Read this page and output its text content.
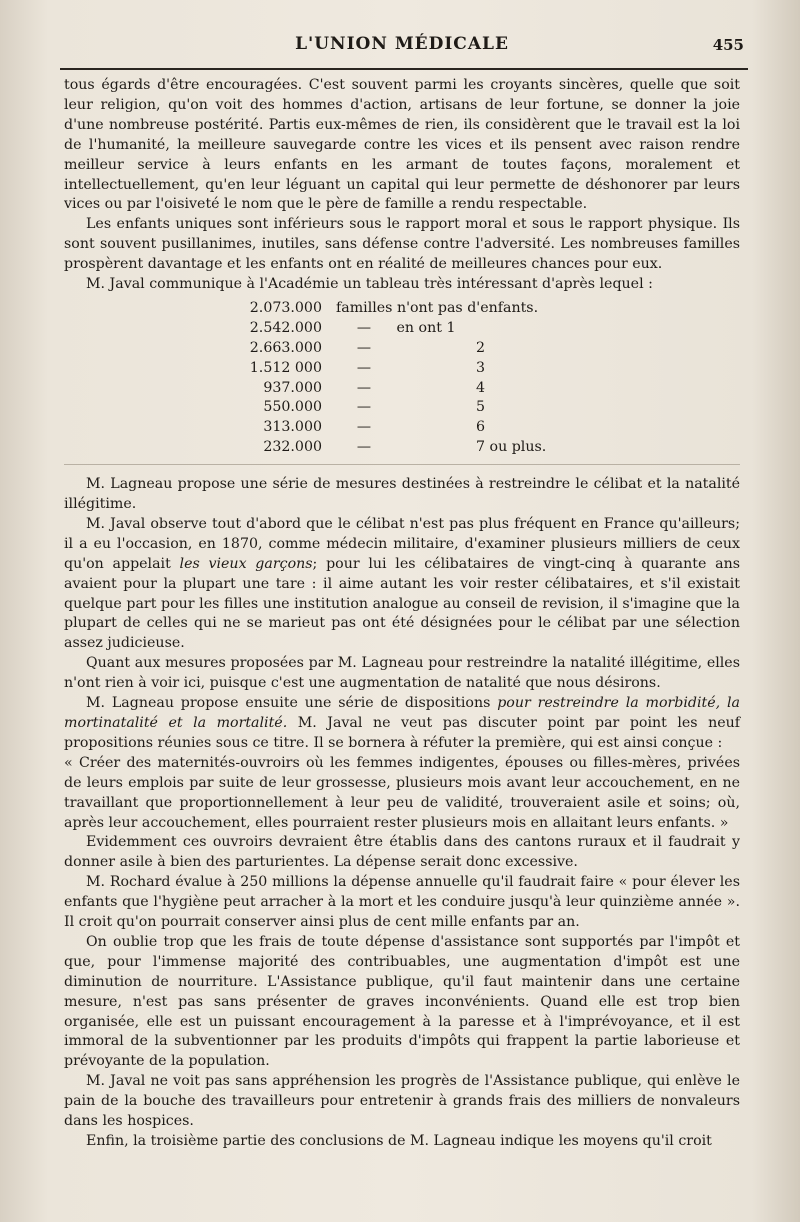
L'UNION MÉDICALE	455

tous égards d'être encouragées. C'est souvent parmi les croyants sincères, quelle que soit leur religion, qu'on voit des hommes d'action, artisans de leur fortune, se donner la joie d'une nombreuse postérité. Partis eux-mêmes de rien, ils considèrent que le travail est la loi de l'humanité, la meilleure sauvegarde contre les vices et ils pensent avec raison rendre meilleur service à leurs enfants en les armant de toutes façons, moralement et intellectuellement, qu'en leur léguant un capital qui leur permette de déshonorer par leurs vices ou par l'oisiveté le nom que le père de famille a rendu respectable.

Les enfants uniques sont inférieurs sous le rapport moral et sous le rapport physique. Ils sont souvent pusillanimes, inutiles, sans défense contre l'adversité. Les nombreuses familles prospèrent davantage et les enfants ont en réalité de meilleures chances pour eux.

M. Javal communique à l'Académie un tableau très intéressant d'après lequel :

2.073.000 familles n'ont pas d'enfants.
2.542.000	— en ont 1
2.663.000	—	2
1.512 000	—	3
937.000	—	4
550.000	—	5
313.000	—	6
232.000	—	7 ou plus.

M. Lagneau propose une série de mesures destinées à restreindre le célibat et la natalité illégitime.

M. Javal observe tout d'abord que le célibat n'est pas plus fréquent en France qu'ailleurs; il a eu l'occasion, en 1870, comme médecin militaire, d'examiner plusieurs milliers de ceux qu'on appelait les vieux garçons; pour lui les célibataires de vingt-cinq à quarante ans avaient pour la plupart une tare : il aime autant les voir rester célibataires, et s'il existait quelque part pour les filles une institution analogue au conseil de revision, il s'imagine que la plupart de celles qui ne se marieut pas ont été désignées pour le célibat par une sélection assez judicieuse.

Quant aux mesures proposées par M. Lagneau pour restreindre la natalité illégitime, elles n'ont rien à voir ici, puisque c'est une augmentation de natalité que nous désirons.

M. Lagneau propose ensuite une série de dispositions pour restreindre la morbidité, la mortinatalité et la mortalité. M. Javal ne veut pas discuter point par point les neuf propositions réunies sous ce titre. Il se bornera à réfuter la première, qui est ainsi conçue :

« Créer des maternités-ouvroirs où les femmes indigentes, épouses ou filles-mères, privées de leurs emplois par suite de leur grossesse, plusieurs mois avant leur accouchement, en ne travaillant que proportionnellement à leur peu de validité, trouveraient asile et soins; où, après leur accouchement, elles pourraient rester plusieurs mois en allaitant leurs enfants. »

Evidemment ces ouvroirs devraient être établis dans des cantons ruraux et il faudrait y donner asile à bien des parturientes. La dépense serait donc excessive.

M. Rochard évalue à 250 millions la dépense annuelle qu'il faudrait faire « pour élever les enfants que l'hygiène peut arracher à la mort et les conduire jusqu'à leur quinzième année ». Il croit qu'on pourrait conserver ainsi plus de cent mille enfants par an.

On oublie trop que les frais de toute dépense d'assistance sont supportés par l'impôt et que, pour l'immense majorité des contribuables, une augmentation d'impôt est une diminution de nourriture. L'Assistance publique, qu'il faut maintenir dans une certaine mesure, n'est pas sans présenter de graves inconvénients. Quand elle est trop bien organisée, elle est un puissant encouragement à la paresse et à l'imprévoyance, et il est immoral de la subventionner par les produits d'impôts qui frappent la partie laborieuse et prévoyante de la population.

M. Javal ne voit pas sans appréhension les progrès de l'Assistance publique, qui enlève le pain de la bouche des travailleurs pour entretenir à grands frais des milliers de nonvaleurs dans les hospices.

Enfin, la troisième partie des conclusions de M. Lagneau indique les moyens qu'il croit
